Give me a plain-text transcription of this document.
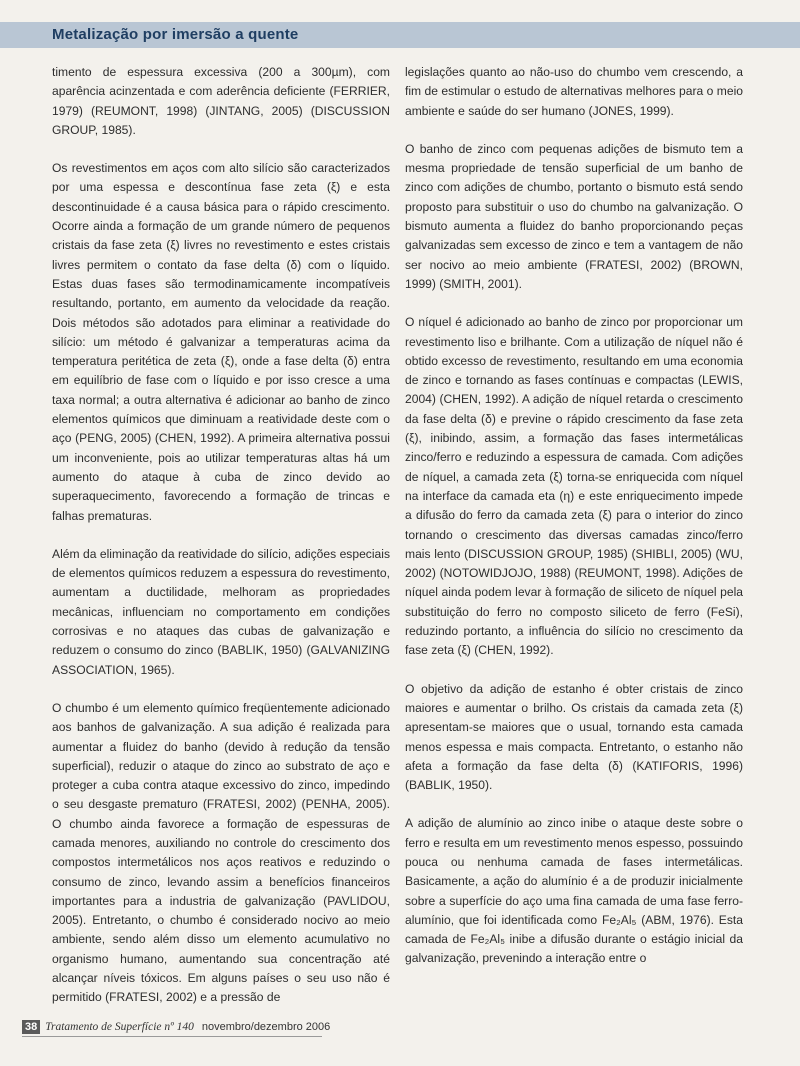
Metalização por imersão a quente

timento de espessura excessiva (200 a 300µm), com aparência acinzentada e com aderência deficiente (FERRIER, 1979) (REUMONT, 1998) (JINTANG, 2005) (DISCUSSION GROUP, 1985).

Os revestimentos em aços com alto silício são caracterizados por uma espessa e descontínua fase zeta (ξ) e esta descontinuidade é a causa básica para o rápido crescimento. Ocorre ainda a formação de um grande número de pequenos cristais da fase zeta (ξ) livres no revestimento e estes cristais livres permitem o contato da fase delta (δ) com o líquido. Estas duas fases são termodinamicamente incompatíveis resultando, portanto, em aumento da velocidade da reação. Dois métodos são adotados para eliminar a reatividade do silício: um método é galvanizar a temperaturas acima da temperatura peritética de zeta (ξ), onde a fase delta (δ) entra em equilíbrio de fase com o líquido e por isso cresce a uma taxa normal; a outra alternativa é adicionar ao banho de zinco elementos químicos que diminuam a reatividade deste com o aço (PENG, 2005) (CHEN, 1992). A primeira alternativa possui um inconveniente, pois ao utilizar temperaturas altas há um aumento do ataque à cuba de zinco devido ao superaquecimento, favorecendo a formação de trincas e falhas prematuras.

Além da eliminação da reatividade do silício, adições especiais de elementos químicos reduzem a espessura do revestimento, aumentam a ductilidade, melhoram as propriedades mecânicas, influenciam no comportamento em condições corrosivas e no ataques das cubas de galvanização e reduzem o consumo do zinco (BABLIK, 1950) (GALVANIZING ASSOCIATION, 1965).

O chumbo é um elemento químico freqüentemente adicionado aos banhos de galvanização. A sua adição é realizada para aumentar a fluidez do banho (devido à redução da tensão superficial), reduzir o ataque do zinco ao substrato de aço e proteger a cuba contra ataque excessivo do zinco, impedindo o seu desgaste prematuro (FRATESI, 2002) (PENHA, 2005). O chumbo ainda favorece a formação de espessuras de camada menores, auxiliando no controle do crescimento dos compostos intermetálicos nos aços reativos e reduzindo o consumo de zinco, levando assim a benefícios financeiros importantes para a industria de galvanização (PAVLIDOU, 2005). Entretanto, o chumbo é considerado nocivo ao meio ambiente, sendo além disso um elemento acumulativo no organismo humano, aumentando sua concentração até alcançar níveis tóxicos. Em alguns países o seu uso não é permitido (FRATESI, 2002) e a pressão de

legislações quanto ao não-uso do chumbo vem crescendo, a fim de estimular o estudo de alternativas melhores para o meio ambiente e saúde do ser humano (JONES, 1999).

O banho de zinco com pequenas adições de bismuto tem a mesma propriedade de tensão superficial de um banho de zinco com adições de chumbo, portanto o bismuto está sendo proposto para substituir o uso do chumbo na galvanização. O bismuto aumenta a fluidez do banho proporcionando peças galvanizadas sem excesso de zinco e tem a vantagem de não ser nocivo ao meio ambiente (FRATESI, 2002) (BROWN, 1999) (SMITH, 2001).

O níquel é adicionado ao banho de zinco por proporcionar um revestimento liso e brilhante. Com a utilização de níquel não é obtido excesso de revestimento, resultando em uma economia de zinco e tornando as fases contínuas e compactas (LEWIS, 2004) (CHEN, 1992). A adição de níquel retarda o crescimento da fase delta (δ) e previne o rápido crescimento da fase zeta (ξ), inibindo, assim, a formação das fases intermetálicas zinco/ferro e reduzindo a espessura de camada. Com adições de níquel, a camada zeta (ξ) torna-se enriquecida com níquel na interface da camada eta (η) e este enriquecimento impede a difusão do ferro da camada zeta (ξ) para o interior do zinco tornando o crescimento das diversas camadas zinco/ferro mais lento (DISCUSSION GROUP, 1985) (SHIBLI, 2005) (WU, 2002) (NOTOWIDJOJO, 1988) (REUMONT, 1998). Adições de níquel ainda podem levar à formação de siliceto de níquel pela substituição do ferro no composto siliceto de ferro (FeSi), reduzindo portanto, a influência do silício no crescimento da fase zeta (ξ) (CHEN, 1992).

O objetivo da adição de estanho é obter cristais de zinco maiores e aumentar o brilho. Os cristais da camada zeta (ξ) apresentam-se maiores que o usual, tornando esta camada menos espessa e mais compacta. Entretanto, o estanho não afeta a formação da fase delta (δ) (KATIFORIS, 1996) (BABLIK, 1950).

A adição de alumínio ao zinco inibe o ataque deste sobre o ferro e resulta em um revestimento menos espesso, possuindo pouca ou nenhuma camada de fases intermetálicas. Basicamente, a ação do alumínio é a de produzir inicialmente sobre a superfície do aço uma fina camada de uma fase ferro-alumínio, que foi identificada como Fe₂Al₅ (ABM, 1976). Esta camada de Fe₂Al₅ inibe a difusão durante o estágio inicial da galvanização, prevenindo a interação entre o

38 Tratamento de Superfície nº 140 novembro/dezembro 2006
